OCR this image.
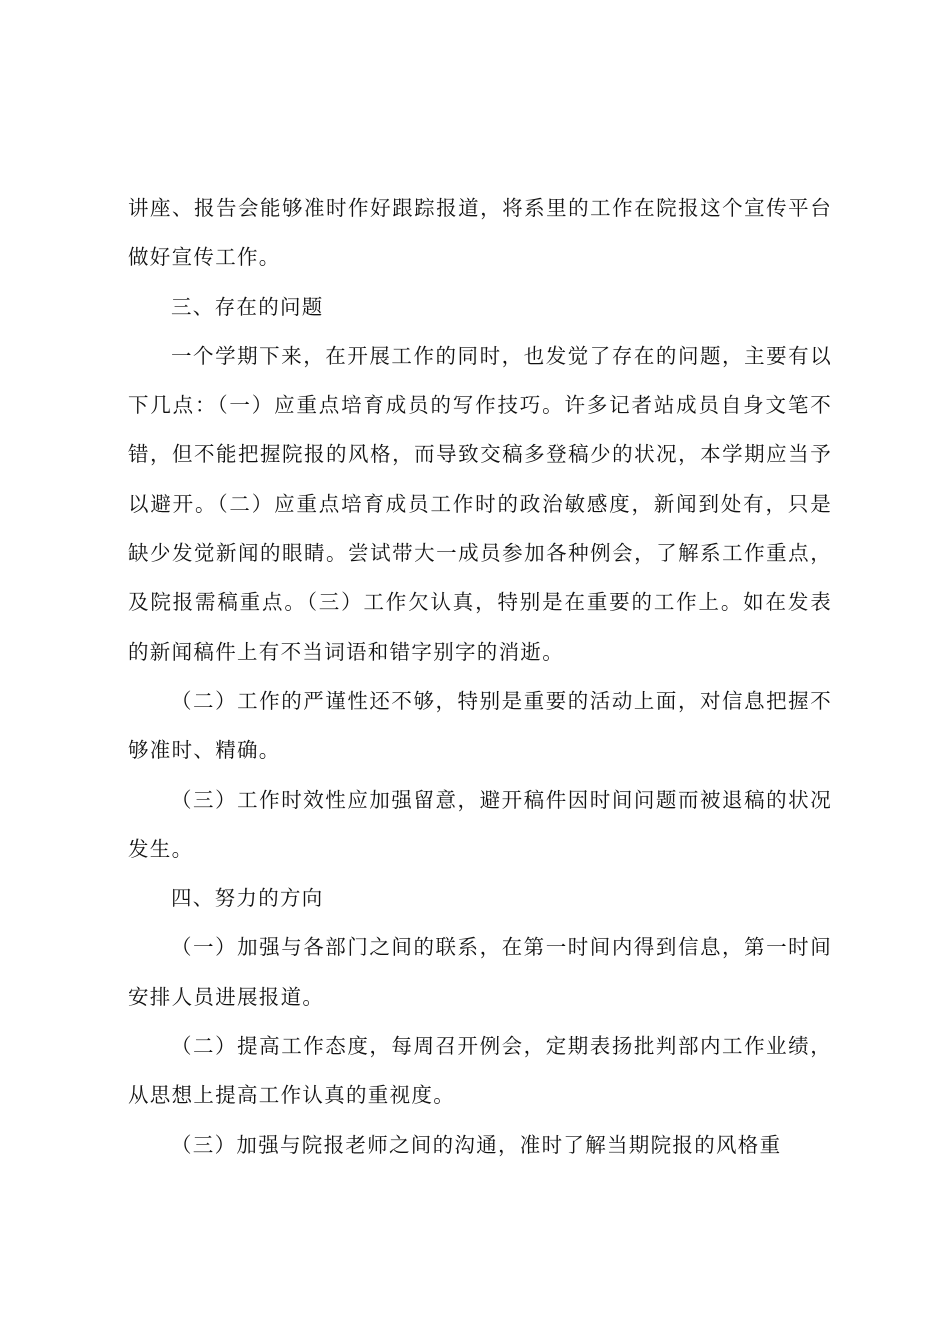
讲座、报告会能够准时作好跟踪报道，将系里的工作在院报这个宣传平台做好宣传工作。

三、存在的问题

一个学期下来，在开展工作的同时，也发觉了存在的问题，主要有以下几点：（一）应重点培育成员的写作技巧。许多记者站成员自身文笔不错，但不能把握院报的风格，而导致交稿多登稿少的状况，本学期应当予以避开。（二）应重点培育成员工作时的政治敏感度，新闻到处有，只是缺少发觉新闻的眼睛。尝试带大一成员参加各种例会，了解系工作重点，及院报需稿重点。（三）工作欠认真，特别是在重要的工作上。如在发表的新闻稿件上有不当词语和错字别字的消逝。

（二）工作的严谨性还不够，特别是重要的活动上面，对信息把握不够准时、精确。

（三）工作时效性应加强留意，避开稿件因时间问题而被退稿的状况发生。

四、努力的方向

（一）加强与各部门之间的联系，在第一时间内得到信息，第一时间安排人员进展报道。

（二）提高工作态度，每周召开例会，定期表扬批判部内工作业绩，从思想上提高工作认真的重视度。

（三）加强与院报老师之间的沟通，准时了解当期院报的风格重
